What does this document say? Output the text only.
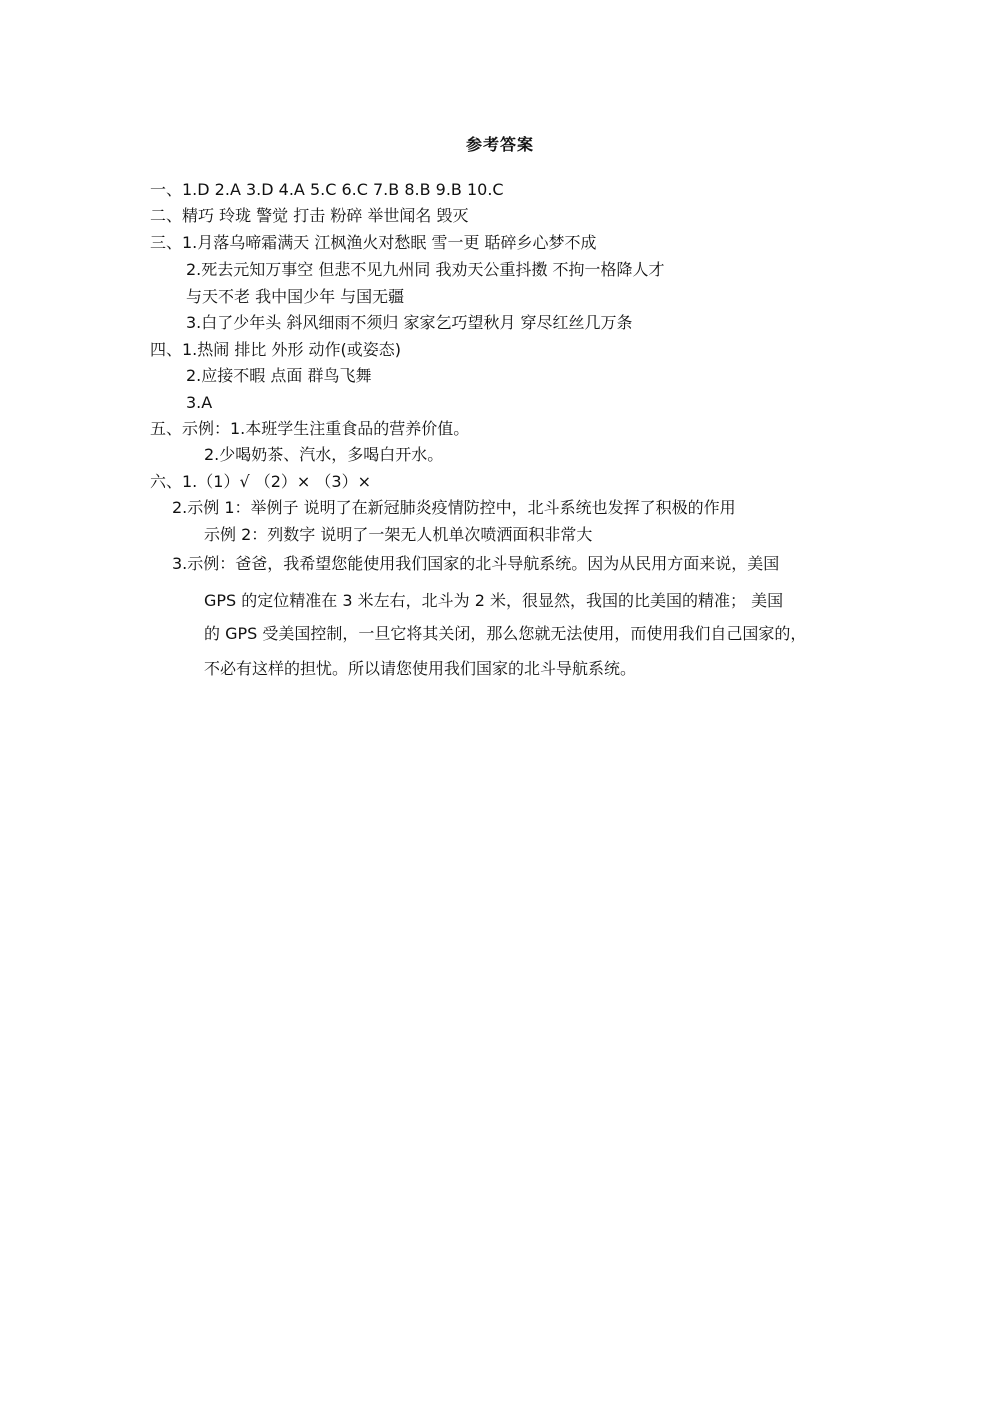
参考答案
一、1.D 2.A 3.D 4.A 5.C 6.C 7.B 8.B 9.B 10.C
二、精巧 玲珑 警觉 打击 粉碎 举世闻名 毁灭
三、1.月落乌啼霜满天 江枫渔火对愁眠 雪一更 聒碎乡心梦不成
2.死去元知万事空 但悲不见九州同 我劝天公重抖擞 不拘一格降人才
与天不老 我中国少年 与国无疆
3.白了少年头 斜风细雨不须归 家家乞巧望秋月 穿尽红丝几万条
四、1.热闹 排比 外形 动作(或姿态)
2.应接不暇 点面 群鸟飞舞
3.A
五、示例：1.本班学生注重食品的营养价值。
2.少喝奶茶、汽水，多喝白开水。
六、1.（1）√ （2）× （3）×
2.示例 1：举例子 说明了在新冠肺炎疫情防控中，北斗系统也发挥了积极的作用
示例 2：列数字 说明了一架无人机单次喷洒面积非常大
3.示例：爸爸，我希望您能使用我们国家的北斗导航系统。因为从民用方面来说，美国
GPS 的定位精准在 3 米左右，北斗为 2 米，很显然，我国的比美国的精准； 美国
的 GPS 受美国控制，一旦它将其关闭，那么您就无法使用，而使用我们自己国家的，
不必有这样的担忧。所以请您使用我们国家的北斗导航系统。
